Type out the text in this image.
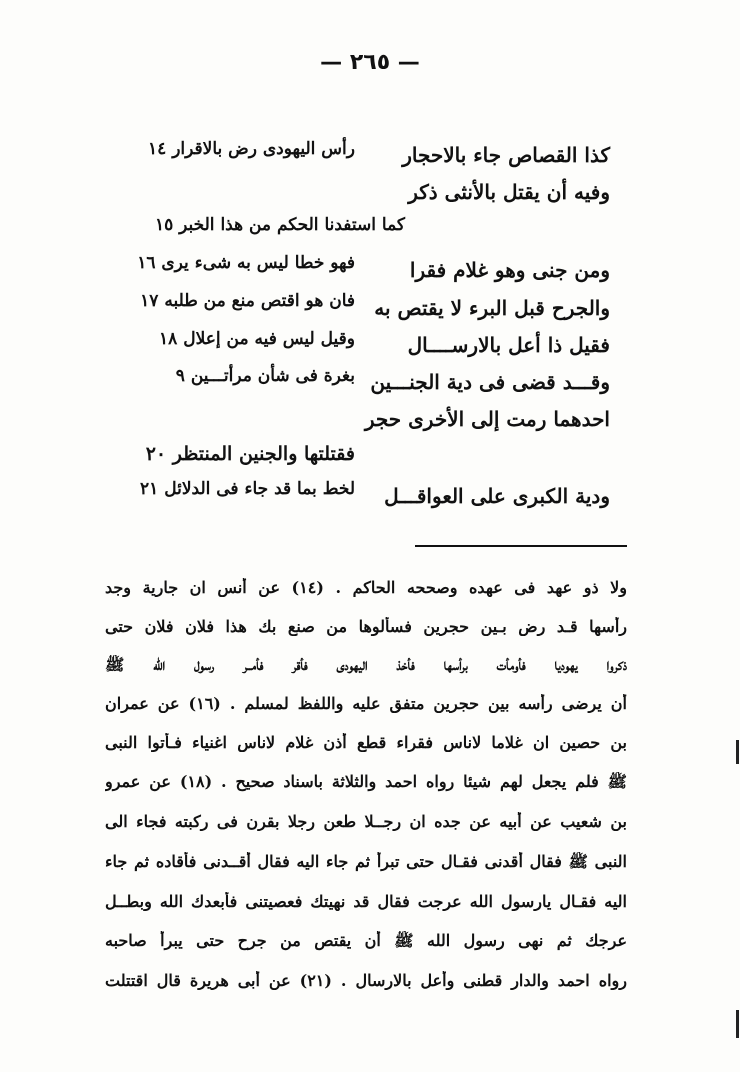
— ٢٦٥ —
كذا القصاص جاء بالاحجار
رأس اليهودى رض بالاقرار ١٤
وفيه أن يقتل بالأنثى ذكر
كما استفدنا الحكم من هذا الخبر ١٥
ومن جنى وهو غلام فقرا
فهو خطا ليس به شىء يرى ١٦
والجرح قبل البرء لا يقتص به
فان هو اقتص منع من طلبه ١٧
فقيل ذا أعل بالارســــال
وقيل ليس فيه من إعلال ١٨
وقـــد قضى فى دية الجنـــين
بغرة فى شأن مرأتـــين ٩
احدهما رمت إلى الأخرى حجر
فقتلتها والجنين المنتظر ٢٠
ودية الكبرى على العواقـــل
لخط بما قد جاء فى الدلائل ٢١
ولا ذو عهد فى عهده وصححه الحاكم . (١٤) عن أنس ان جارية وجد
رأسها قـد رض بـين حجرين فسألوها من صنع بك هذا فلان فلان حتى
ذكروا يهوديا فأومأت برأسها فأخذ اليهودى فأقر فأمــر رسول الله ﷺ
أن يرضى رأسه بين حجرين متفق عليه واللفظ لمسلم . (١٦) عن عمران
بن حصين ان غلاما لاناس فقراء قطع أذن غلام لاناس اغنياء فـأتوا النبى
ﷺ فلم يجعل لهم شيئا رواه احمد والثلاثة باسناد صحيح . (١٨) عن عمرو
بن شعيب عن أبيه عن جده ان رجــلا طعن رجلا بقرن فى ركبته فجاء الى
النبى ﷺ فقال أقدنى فقـال حتى تبرأ ثم جاء اليه فقال أقــدنى فأقاده ثم جاء
اليه فقـال يارسول الله عرجت فقال قد نهيتك فعصيتنى فأبعدك الله وبطــل
عرجك ثم نهى رسول الله ﷺ أن يقتص من جرح حتى يبرأ صاحبه
رواه احمد والدار قطنى وأعل بالارسال . (٢١) عن أبى هريرة قال اقتتلت
